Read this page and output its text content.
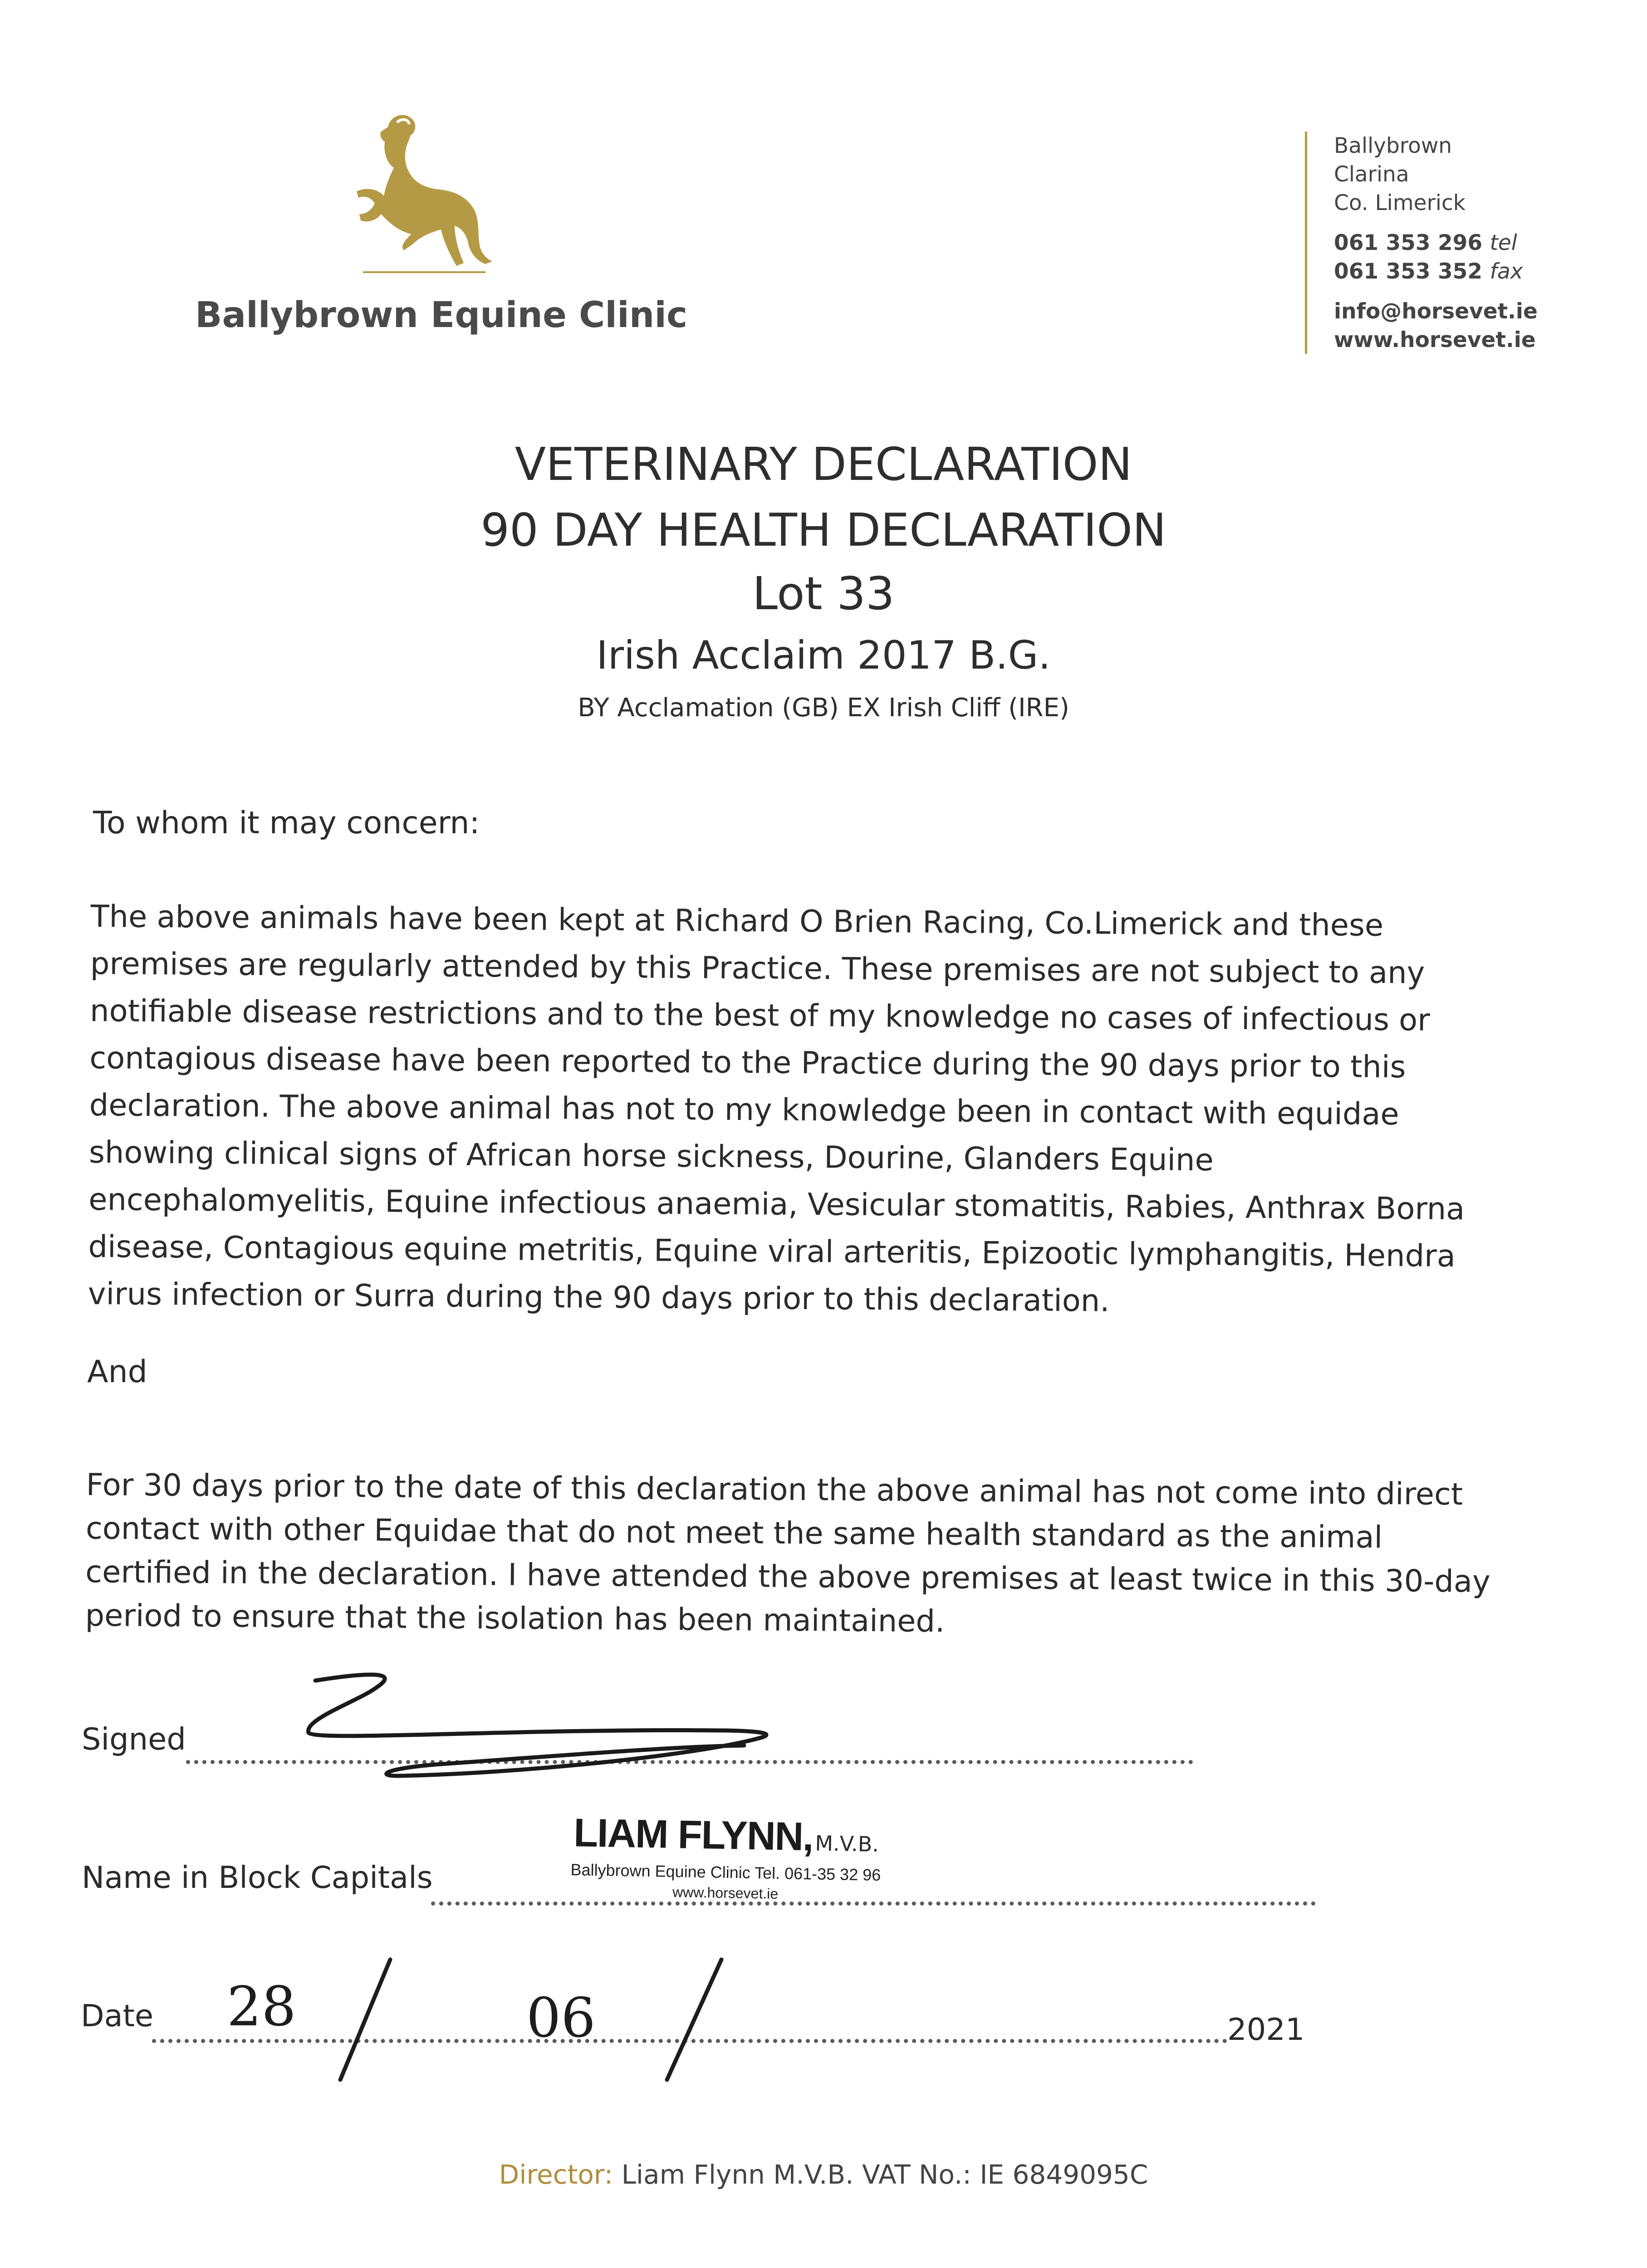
Ballybrown Equine Clinic
Ballybrown
Clarina
Co. Limerick
061 353 296 tel
061 353 352 fax
info@horsevet.ie
www.horsevet.ie
VETERINARY DECLARATION
90 DAY HEALTH DECLARATION
Lot 33
Irish Acclaim 2017 B.G.
BY Acclamation (GB) EX Irish Cliff (IRE)
To whom it may concern:
The above animals have been kept at Richard O Brien Racing, Co.Limerick and these
premises are regularly attended by this Practice. These premises are not subject to any
notifiable disease restrictions and to the best of my knowledge no cases of infectious or
contagious disease have been reported to the Practice during the 90 days prior to this
declaration. The above animal has not to my knowledge been in contact with equidae
showing clinical signs of African horse sickness, Dourine, Glanders Equine
encephalomyelitis, Equine infectious anaemia, Vesicular stomatitis, Rabies, Anthrax Borna
disease, Contagious equine metritis, Equine viral arteritis, Epizootic lymphangitis, Hendra
virus infection or Surra during the 90 days prior to this declaration.
And
For 30 days prior to the date of this declaration the above animal has not come into direct
contact with other Equidae that do not meet the same health standard as the animal
certified in the declaration. I have attended the above premises at least twice in this 30-day
period to ensure that the isolation has been maintained.
Signed
Name in Block Capitals
LIAM FLYNN, M.V.B.
Ballybrown Equine Clinic Tel. 061-35 32 96
www.horsevet.ie
Date	2021
28	06
Director: Liam Flynn M.V.B. VAT No.: IE 6849095C
